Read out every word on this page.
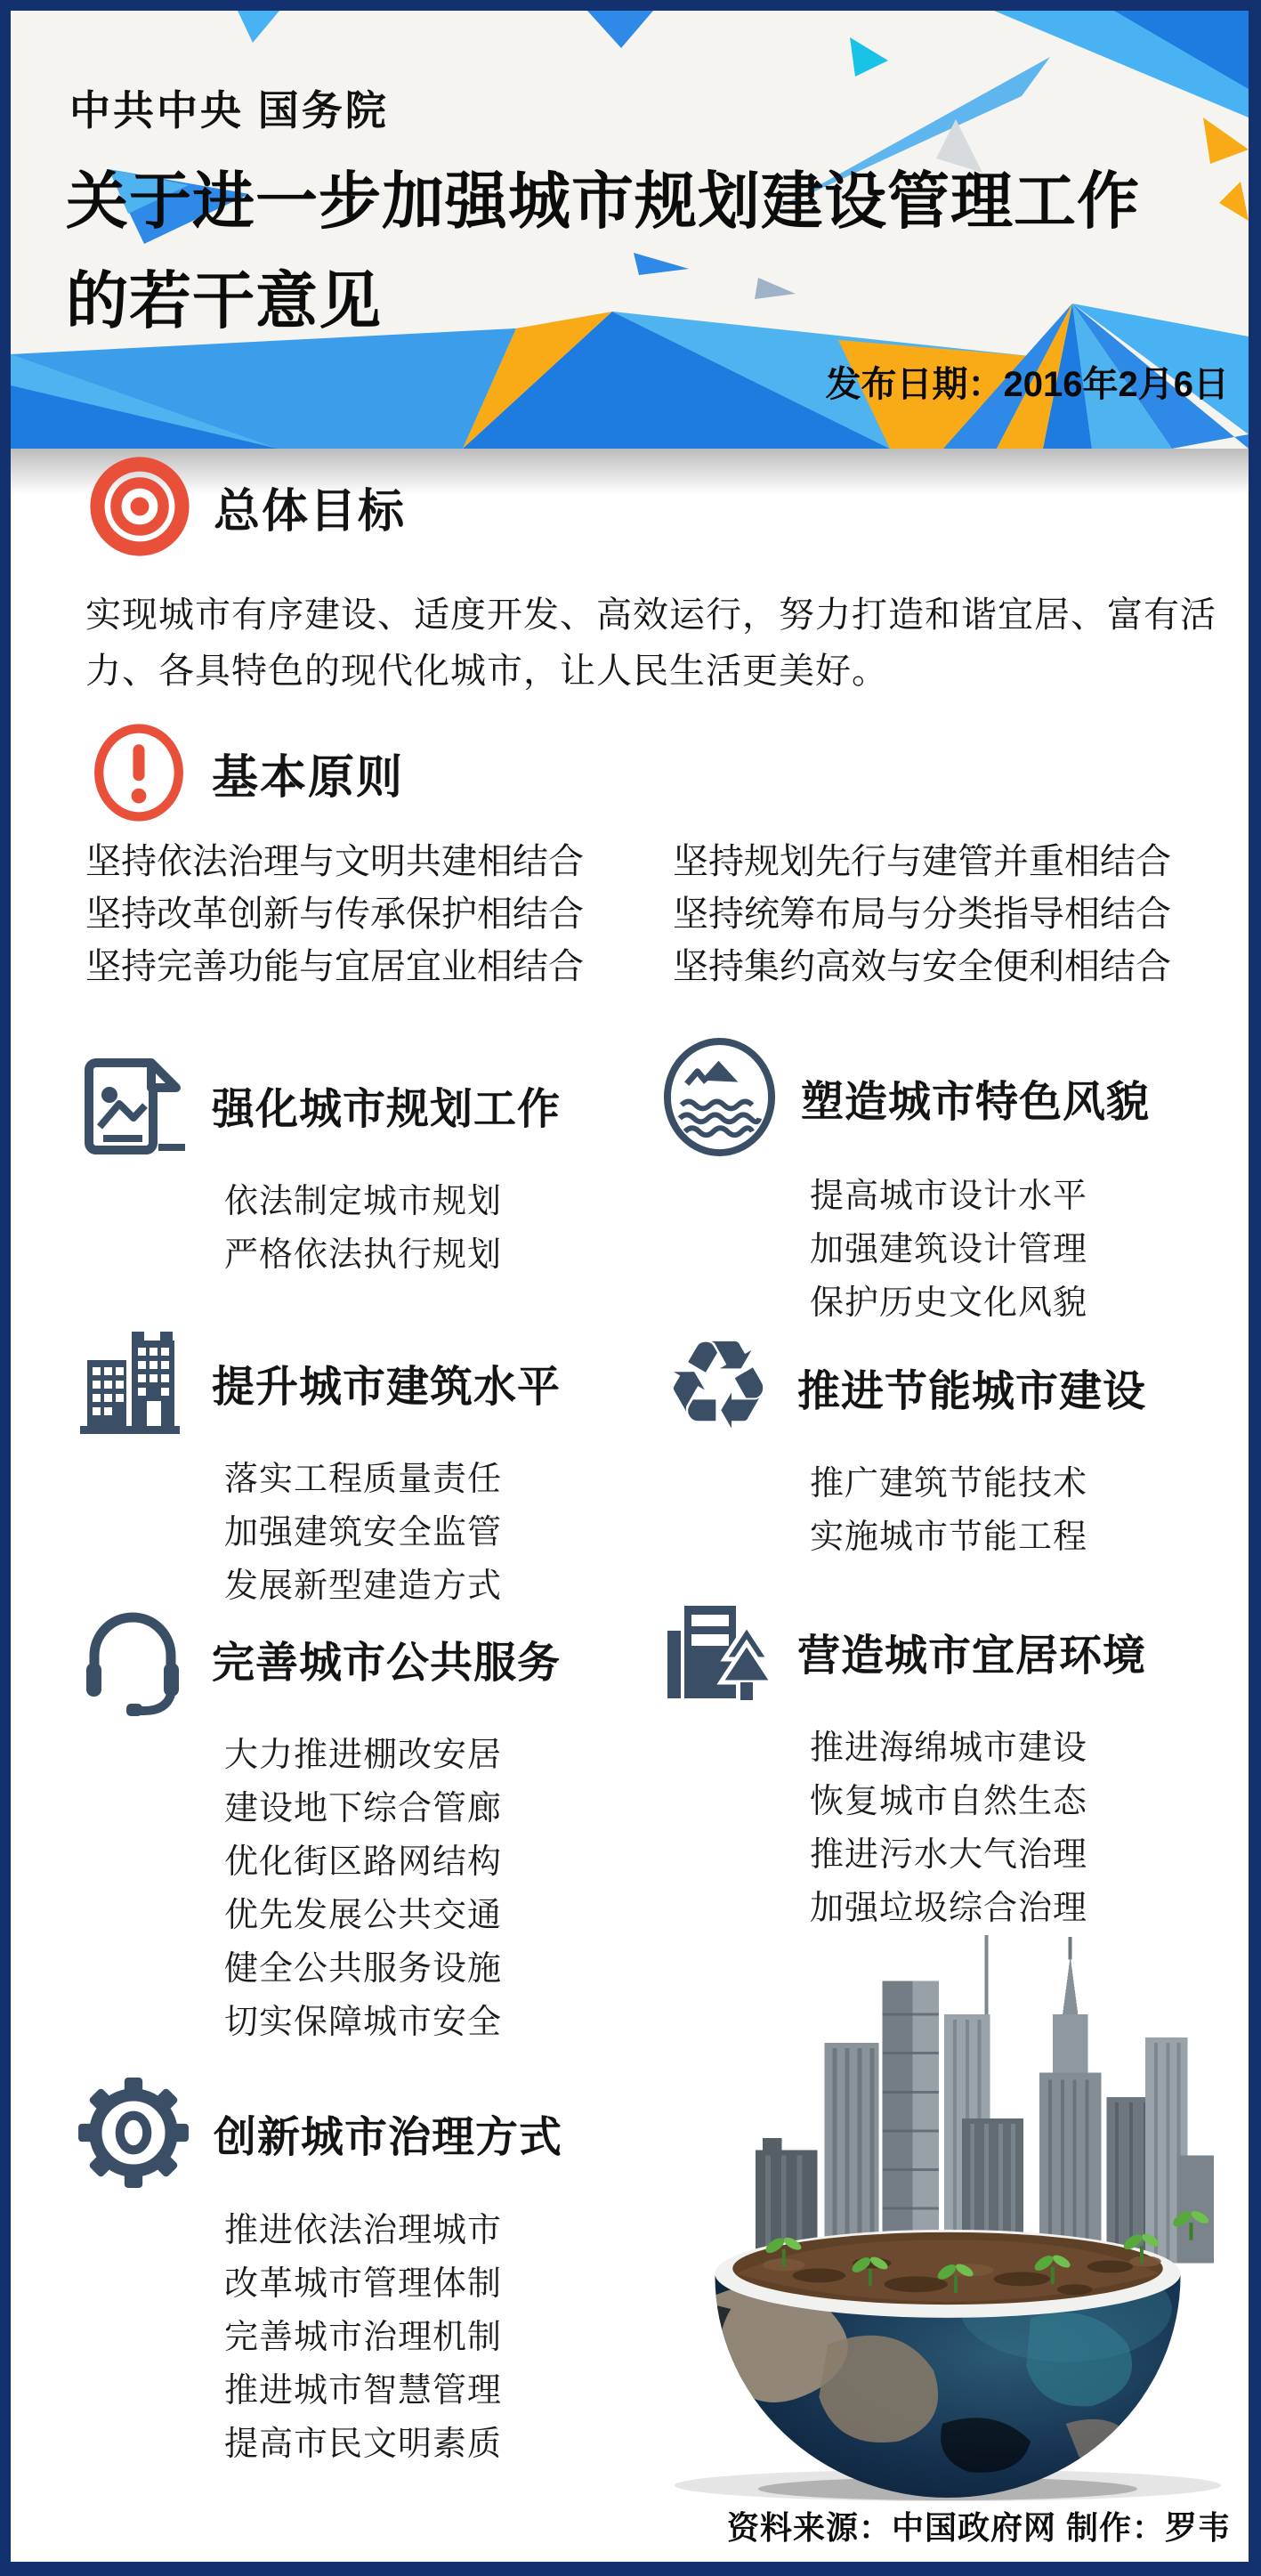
中共中央 国务院
关于进一步加强城市规划建设管理工作
的若干意见
发布日期：2016年2月6日
总体目标
实现城市有序建设、适度开发、高效运行，努力打造和谐宜居、富有活力、各具特色的现代化城市，让人民生活更美好。
基本原则
坚持依法治理与文明共建相结合	坚持规划先行与建管并重相结合
坚持改革创新与传承保护相结合	坚持统筹布局与分类指导相结合
坚持完善功能与宜居宜业相结合	坚持集约高效与安全便利相结合
强化城市规划工作
依法制定城市规划
严格依法执行规划
塑造城市特色风貌
提高城市设计水平
加强建筑设计管理
保护历史文化风貌
提升城市建筑水平
落实工程质量责任
加强建筑安全监管
发展新型建造方式
♻ 推进节能城市建设
推广建筑节能技术
实施城市节能工程
完善城市公共服务
大力推进棚改安居
建设地下综合管廊
优化街区路网结构
优先发展公共交通
健全公共服务设施
切实保障城市安全
营造城市宜居环境
推进海绵城市建设
恢复城市自然生态
推进污水大气治理
加强垃圾综合治理
创新城市治理方式
推进依法治理城市
改革城市管理体制
完善城市治理机制
推进城市智慧管理
提高市民文明素质
资料来源：中国政府网 制作：罗韦
